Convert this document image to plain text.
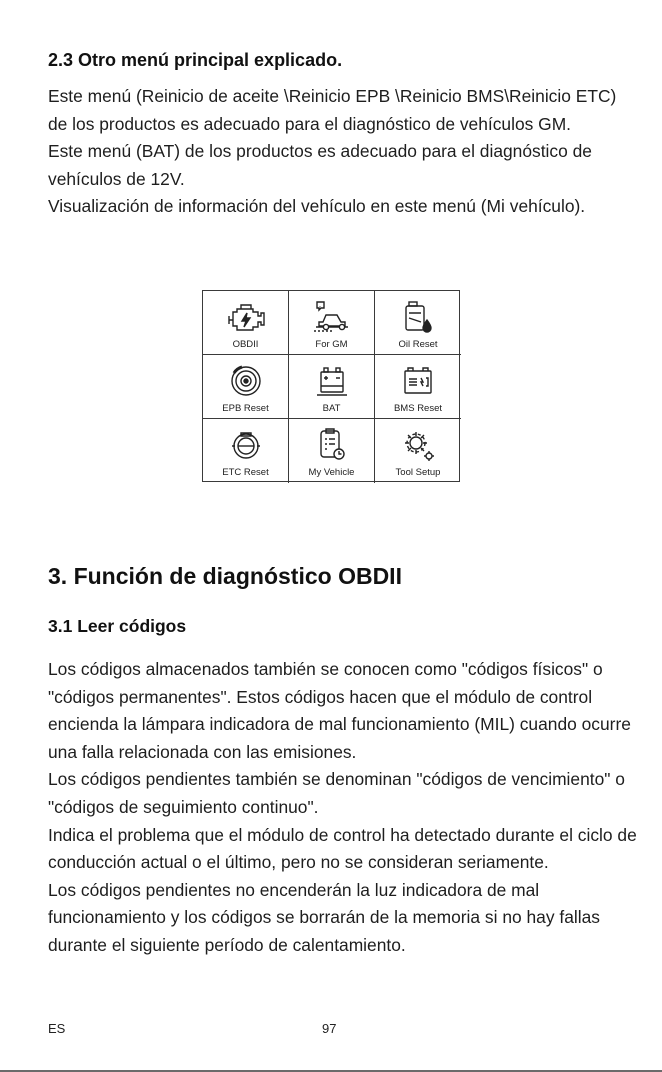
2.3 Otro menú principal explicado.

Este menú (Reinicio de aceite \Reinicio EPB \Reinicio BMS\Reinicio ETC) de los productos es adecuado para el diagnóstico de vehículos GM.
Este menú (BAT) de los productos es adecuado para el diagnóstico de vehículos de 12V.
Visualización de información del vehículo en este menú (Mi vehículo).

OBDII	For GM	Oil Reset
EPB Reset	BAT	BMS Reset
ETC Reset	My Vehicle	Tool Setup
3. Función de diagnóstico OBDII
3.1 Leer códigos

Los códigos almacenados también se conocen como "códigos físicos" o "códigos permanentes". Estos códigos hacen que el módulo de control encienda la lámpara indicadora de mal funcionamiento (MIL) cuando ocurre una falla relacionada con las emisiones.
Los códigos pendientes también se denominan "códigos de vencimiento" o "códigos de seguimiento continuo".
Indica el problema que el módulo de control ha detectado durante el ciclo de conducción actual o el último, pero no se consideran seriamente.
Los códigos pendientes no encenderán la luz indicadora de mal funcionamiento y los códigos se borrarán de la memoria si no hay fallas durante el siguiente período de calentamiento.

ES	97
